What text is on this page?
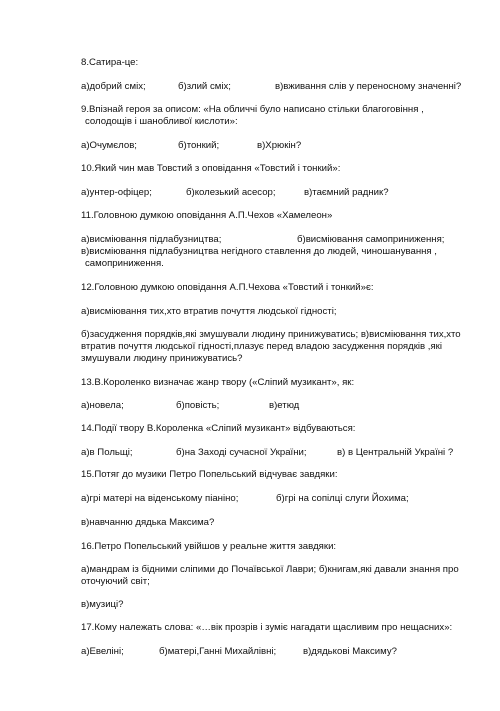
8.Сатира-це:
а)добрий сміх;	б)злий сміх;	в)вживання слів у переносному значенні?
9.Впізнай героя за описом: «На обличчі було написано стільки благоговіння ,
солодощів і шанобливої кислоти»:
а)Очумєлов;	б)тонкий;	в)Хрюкін?
10.Який чин мав Товстий з оповідання «Товстий і тонкий»:
а)унтер-офіцер;	б)колезький асесор;	в)таємний радник?
11.Головною думкою оповідання А.П.Чехов «Хамелеон»
а)висміювання підлабузництва;	б)висміювання самоприниження;
в)висміювання підлабузництва негідного ставлення до людей, чиношанування ,
самоприниження.
12.Головною думкою оповідання А.П.Чехова «Товстий і тонкий»є:
а)висміювання тих,хто втратив почуття людської гідності;
б)засудження порядків,які змушували людину принижуватись; в)висміювання тих,хто
втратив почуття людської гідності,плазує перед владою засудження порядків ,які
змушували людину принижуватись?
13.В.Короленко визначає жанр твору («Сліпий музикант», як:
а)новела;	б)повість;	в)етюд
14.Події твору В.Короленка «Сліпий музикант» відбуваються:
а)в Польщі;	б)на Заході сучасної України;	в) в Центральній Україні ?
15.Потяг до музики Петро Попельський відчуває завдяки:
а)грі матері на віденському піаніно;	б)грі на сопілці слуги Йохима;
в)навчанню дядька Максима?
16.Петро Попельський увійшов у реальне життя завдяки:
а)мандрам із бідними сліпими до Почаївської Лаври; б)книгам,які давали знання про
оточуючий світ;
в)музиці?
17.Кому належать слова: «…вік прозрів і зуміє нагадати щасливим про нещасних»:
а)Евеліні;	б)матері,Ганні Михайлівні;	в)дядькові Максиму?
